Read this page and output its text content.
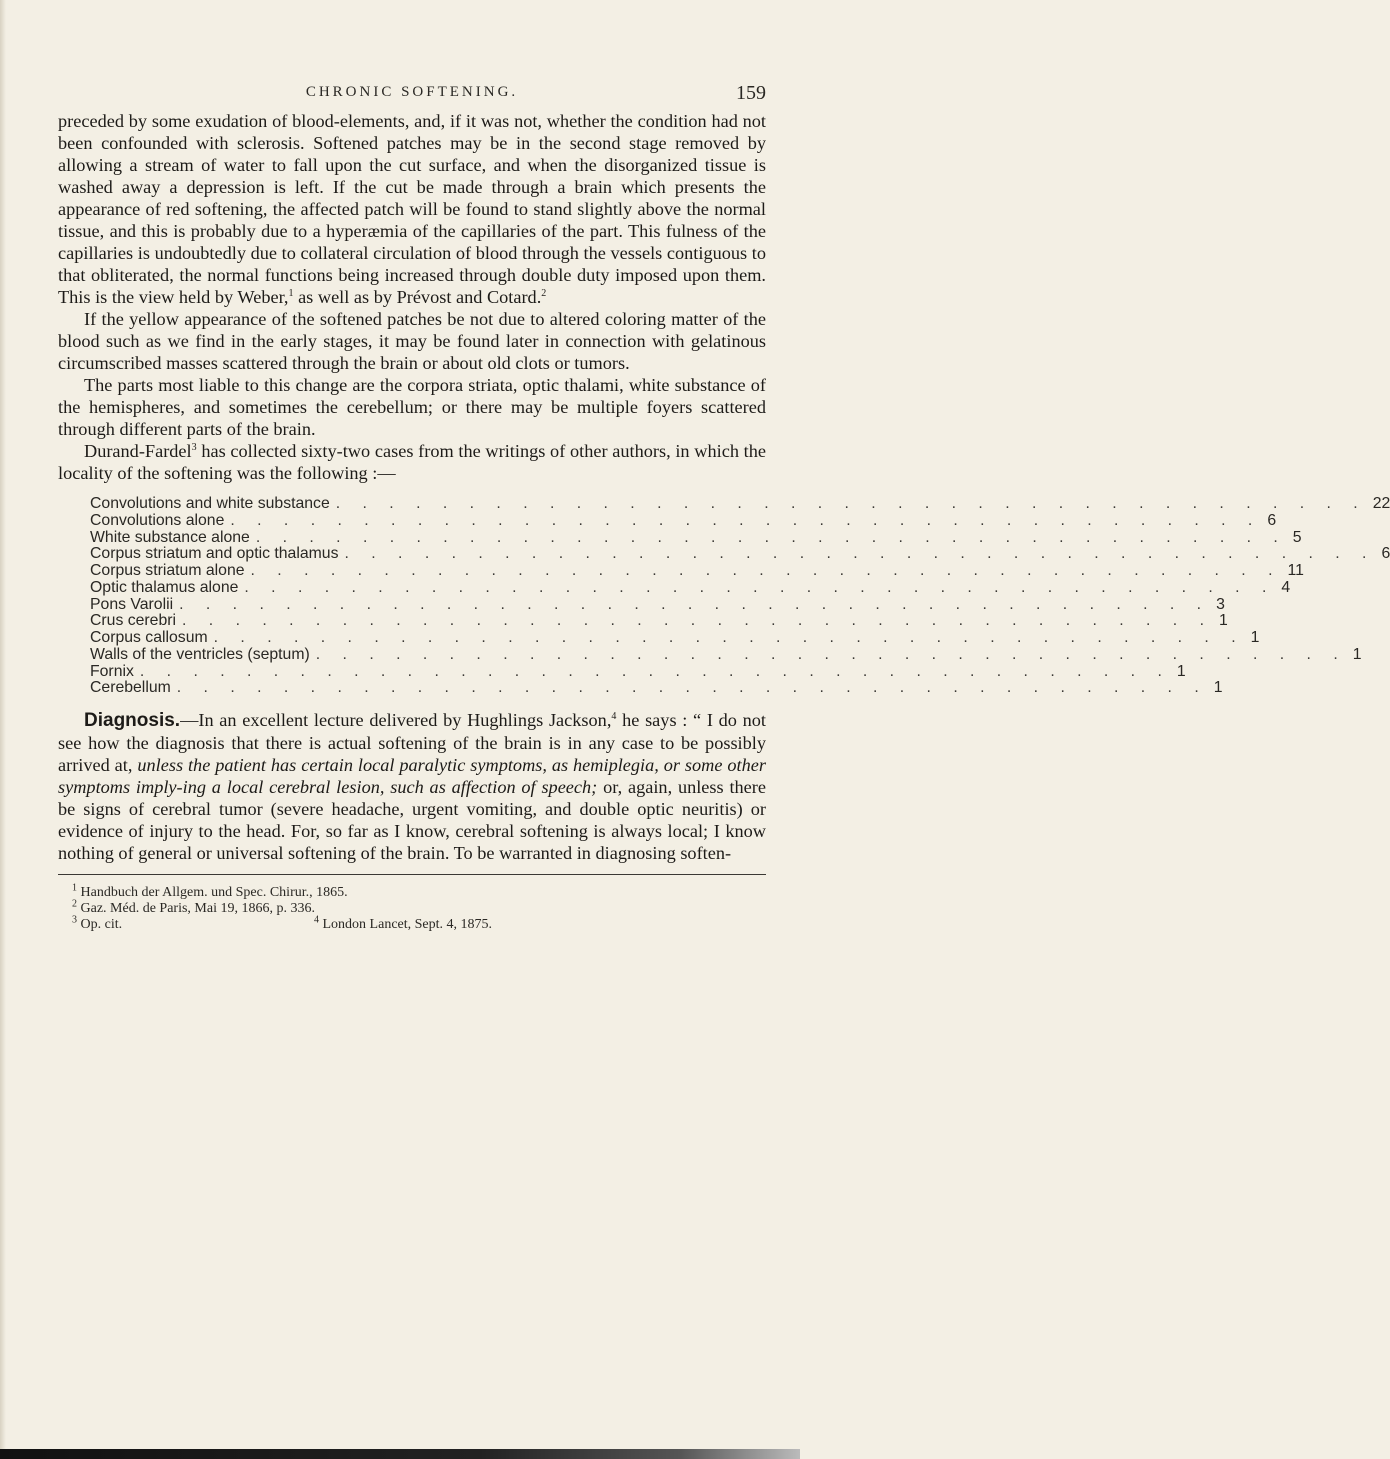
CHRONIC SOFTENING.	159

preceded by some exudation of blood-elements, and, if it was not, whether the condition had not been confounded with sclerosis. Softened patches may be in the second stage removed by allowing a stream of water to fall upon the cut surface, and when the disorganized tissue is washed away a depression is left. If the cut be made through a brain which presents the appearance of red softening, the affected patch will be found to stand slightly above the normal tissue, and this is probably due to a hyperæmia of the capillaries of the part. This fulness of the capillaries is undoubtedly due to collateral circulation of blood through the vessels contiguous to that obliterated, the normal functions being increased through double duty imposed upon them. This is the view held by Weber,$^1$ as well as by Prévost and Cotard.$^2$

If the yellow appearance of the softened patches be not due to altered coloring matter of the blood such as we find in the early stages, it may be found later in connection with gelatinous circumscribed masses scattered through the brain or about old clots or tumors.

The parts most liable to this change are the corpora striata, optic thalami, white substance of the hemispheres, and sometimes the cerebellum; or there may be multiple foyers scattered through different parts of the brain.

Durand-Fardel$^3$ has collected sixty-two cases from the writings of other authors, in which the locality of the softening was the following :—

Convolutions and white substance . . . . . . . . . . . . . . . . . . . . . . . . . . . . . . . . . . . . . . . 22
Convolutions alone . . . . . . . . . . . . . . . . . . . . . . . . . . . . . . . . . . . . . . . 6
White substance alone . . . . . . . . . . . . . . . . . . . . . . . . . . . . . . . . . . . . . . . 5
Corpus striatum and optic thalamus . . . . . . . . . . . . . . . . . . . . . . . . . . . . . . . . . . . . . . . 6
Corpus striatum alone . . . . . . . . . . . . . . . . . . . . . . . . . . . . . . . . . . . . . . . 11
Optic thalamus alone . . . . . . . . . . . . . . . . . . . . . . . . . . . . . . . . . . . . . . . 4
Pons Varolii . . . . . . . . . . . . . . . . . . . . . . . . . . . . . . . . . . . . . . . 3
Crus cerebri . . . . . . . . . . . . . . . . . . . . . . . . . . . . . . . . . . . . . . . 1
Corpus callosum . . . . . . . . . . . . . . . . . . . . . . . . . . . . . . . . . . . . . . . 1
Walls of the ventricles (septum) . . . . . . . . . . . . . . . . . . . . . . . . . . . . . . . . . . . . . . . 1
Fornix . . . . . . . . . . . . . . . . . . . . . . . . . . . . . . . . . . . . . . . 1
Cerebellum . . . . . . . . . . . . . . . . . . . . . . . . . . . . . . . . . . . . . . . 1

Diagnosis.—In an excellent lecture delivered by Hughlings Jackson,$^4$ he says : “ I do not see how the diagnosis that there is actual softening of the brain is in any case to be possibly arrived at, unless the patient has certain local paralytic symptoms, as hemiplegia, or some other symptoms imply-ing a local cerebral lesion, such as affection of speech; or, again, unless there be signs of cerebral tumor (severe headache, urgent vomiting, and double optic neuritis) or evidence of injury to the head. For, so far as I know, cerebral softening is always local; I know nothing of general or universal softening of the brain. To be warranted in diagnosing soften-

$^1$ Handbuch der Allgem. und Spec. Chirur., 1865.
$^2$ Gaz. Méd. de Paris, Mai 19, 1866, p. 336.
$^3$ Op. cit.	$^4$ London Lancet, Sept. 4, 1875.
